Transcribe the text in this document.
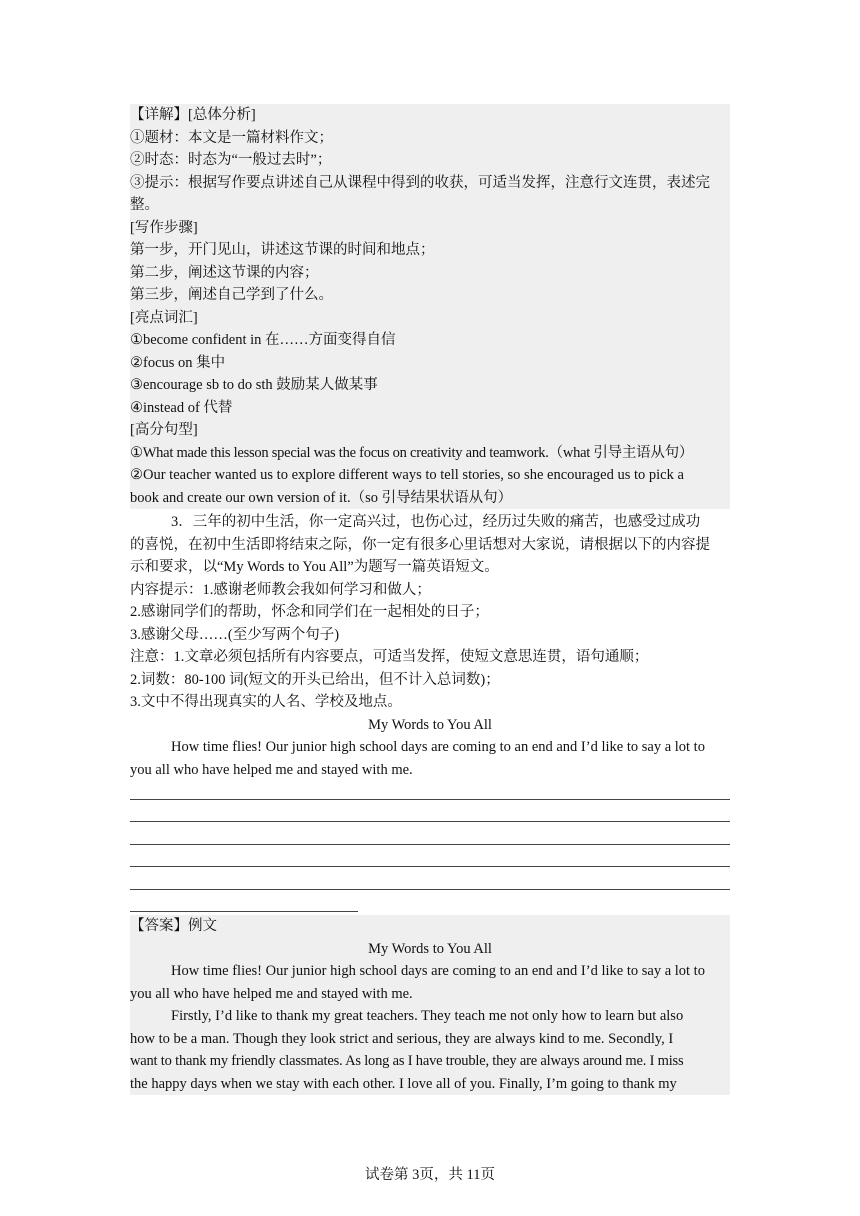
【详解】[总体分析]
①题材：本文是一篇材料作文；
②时态：时态为“一般过去时”；
③提示：根据写作要点讲述自己从课程中得到的收获，可适当发挥，注意行文连贯，表述完
整。
[写作步骤]
第一步，开门见山，讲述这节课的时间和地点；
第二步，阐述这节课的内容；
第三步，阐述自己学到了什么。
[亮点词汇]
①become confident in 在……方面变得自信
②focus on 集中
③encourage sb to do sth 鼓励某人做某事
④instead of 代替
[高分句型]
①What made this lesson special was the focus on creativity and teamwork.（what 引导主语从句）
②Our teacher wanted us to explore different ways to tell stories, so she encouraged us to pick a
book and create our own version of it.（so 引导结果状语从句）
3．三年的初中生活，你一定高兴过，也伤心过，经历过失败的痛苦，也感受过成功
的喜悦，在初中生活即将结束之际，你一定有很多心里话想对大家说，请根据以下的内容提
示和要求，以“My Words to You All”为题写一篇英语短文。
内容提示：1.感谢老师教会我如何学习和做人；
2.感谢同学们的帮助，怀念和同学们在一起相处的日子；
3.感谢父母……(至少写两个句子)
注意：1.文章必须包括所有内容要点，可适当发挥，使短文意思连贯，语句通顺；
2.词数：80-100 词(短文的开头已给出，但不计入总词数)；
3.文中不得出现真实的人名、学校及地点。
My Words to You All
How time flies! Our junior high school days are coming to an end and I’d like to say a lot to
you all who have helped me and stayed with me.
【答案】例文
My Words to You All
How time flies! Our junior high school days are coming to an end and I’d like to say a lot to
you all who have helped me and stayed with me.
Firstly, I’d like to thank my great teachers. They teach me not only how to learn but also
how to be a man. Though they look strict and serious, they are always kind to me. Secondly, I
want to thank my friendly classmates. As long as I have trouble, they are always around me. I miss
the happy days when we stay with each other. I love all of you. Finally, I’m going to thank my
试卷第 3页，共 11页
